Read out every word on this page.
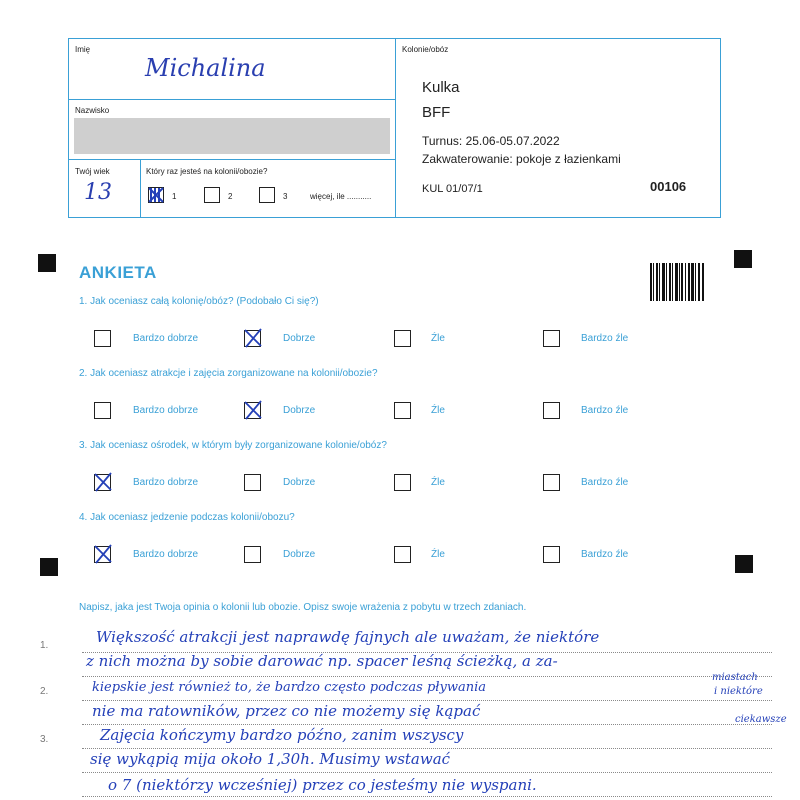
Imię
Michalina
Kolonie/obóz
Nazwisko
Twój wiek
13
Który raz jesteś na kolonii/obozie?
1	2	3	więcej, ile ...........
Kulka
BFF
Turnus: 25.06-05.07.2022
Zakwaterowanie: pokoje z łazienkami
KUL 01/07/1	00106
ANKIETA
1. Jak oceniasz całą kolonię/obóz? (Podobało Ci się?)
Bardzo dobrze	Dobrze	Źle	Bardzo źle
2. Jak oceniasz atrakcje i zajęcia zorganizowane na kolonii/obozie?
Bardzo dobrze	Dobrze	Źle	Bardzo źle
3. Jak oceniasz ośrodek, w którym były zorganizowane kolonie/obóz?
Bardzo dobrze	Dobrze	Źle	Bardzo źle
4. Jak oceniasz jedzenie podczas kolonii/obozu?
Bardzo dobrze	Dobrze	Źle	Bardzo źle
Napisz, jaka jest Twoja opinia o kolonii lub obozie. Opisz swoje wrażenia z pobytu w trzech zdaniach.
1.
2.
3.
Większość atrakcji jest naprawdę fajnych ale uważam, że niektóre
z nich można by sobie darować np. spacer leśną ścieżką, a za-
kiepskie jest również to, że bardzo często podczas pływania
nie ma ratowników, przez co nie możemy się kąpać
Zajęcia kończymy bardzo późno, zanim wszyscy
się wykąpią mija około 1,30h. Musimy wstawać
o 7 (niektórzy wcześniej) przez co jesteśmy nie wyspani.
miastach
i niektóre
ciekawsze
